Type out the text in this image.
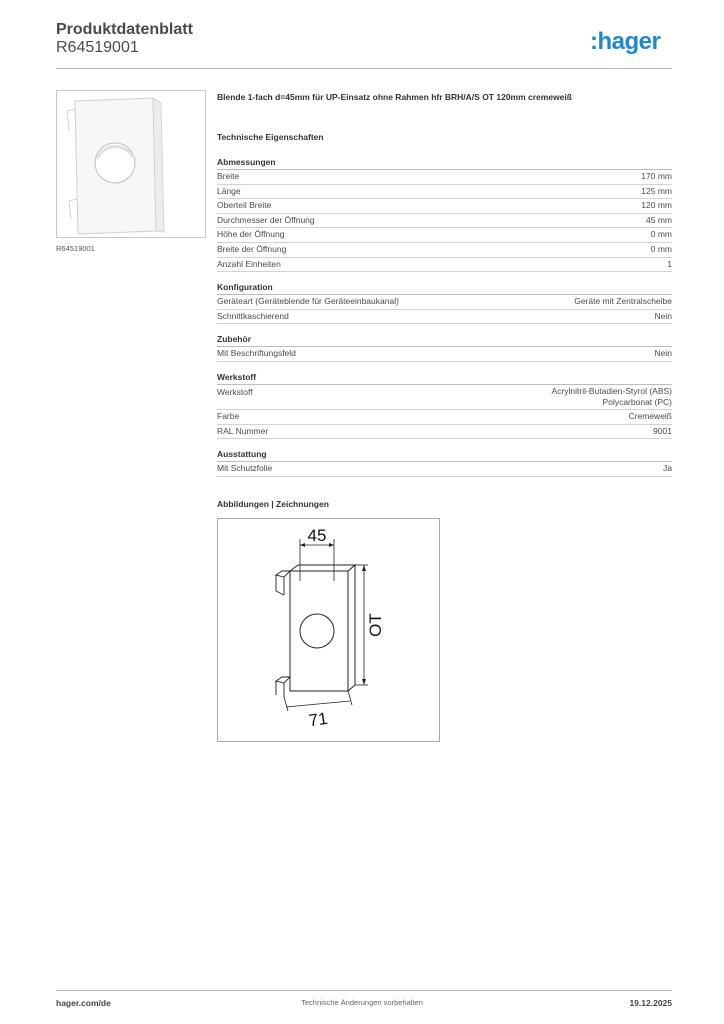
Produktdatenblatt
R64519001	:hager
R64519001
Blende 1-fach d=45mm für UP-Einsatz ohne Rahmen hfr BRH/A/S OT 120mm cremeweiß
Technische Eigenschaften
Abmessungen
Breite	170 mm
Länge	125 mm
Oberteil Breite	120 mm
Durchmesser der Öffnung	45 mm
Höhe der Öffnung	0 mm
Breite der Öffnung	0 mm
Anzahl Einheiten	1
Konfiguration
Geräteart (Geräteblende für Geräteeinbaukanal)	Geräte mit Zentralscheibe
Schnittkaschierend	Nein
Zubehör
Mit Beschriftungsfeld	Nein
Werkstoff
Werkstoff	Acrylnitril-Butadien-Styrol (ABS)
Polycarbonat (PC)
Farbe	Cremeweiß
RAL Nummer	9001
Ausstattung
Mit Schutzfolie	Ja
Abbildungen | Zeichnungen
45
OT
71
hager.com/de	Technische Änderungen vorbehalten	19.12.2025
